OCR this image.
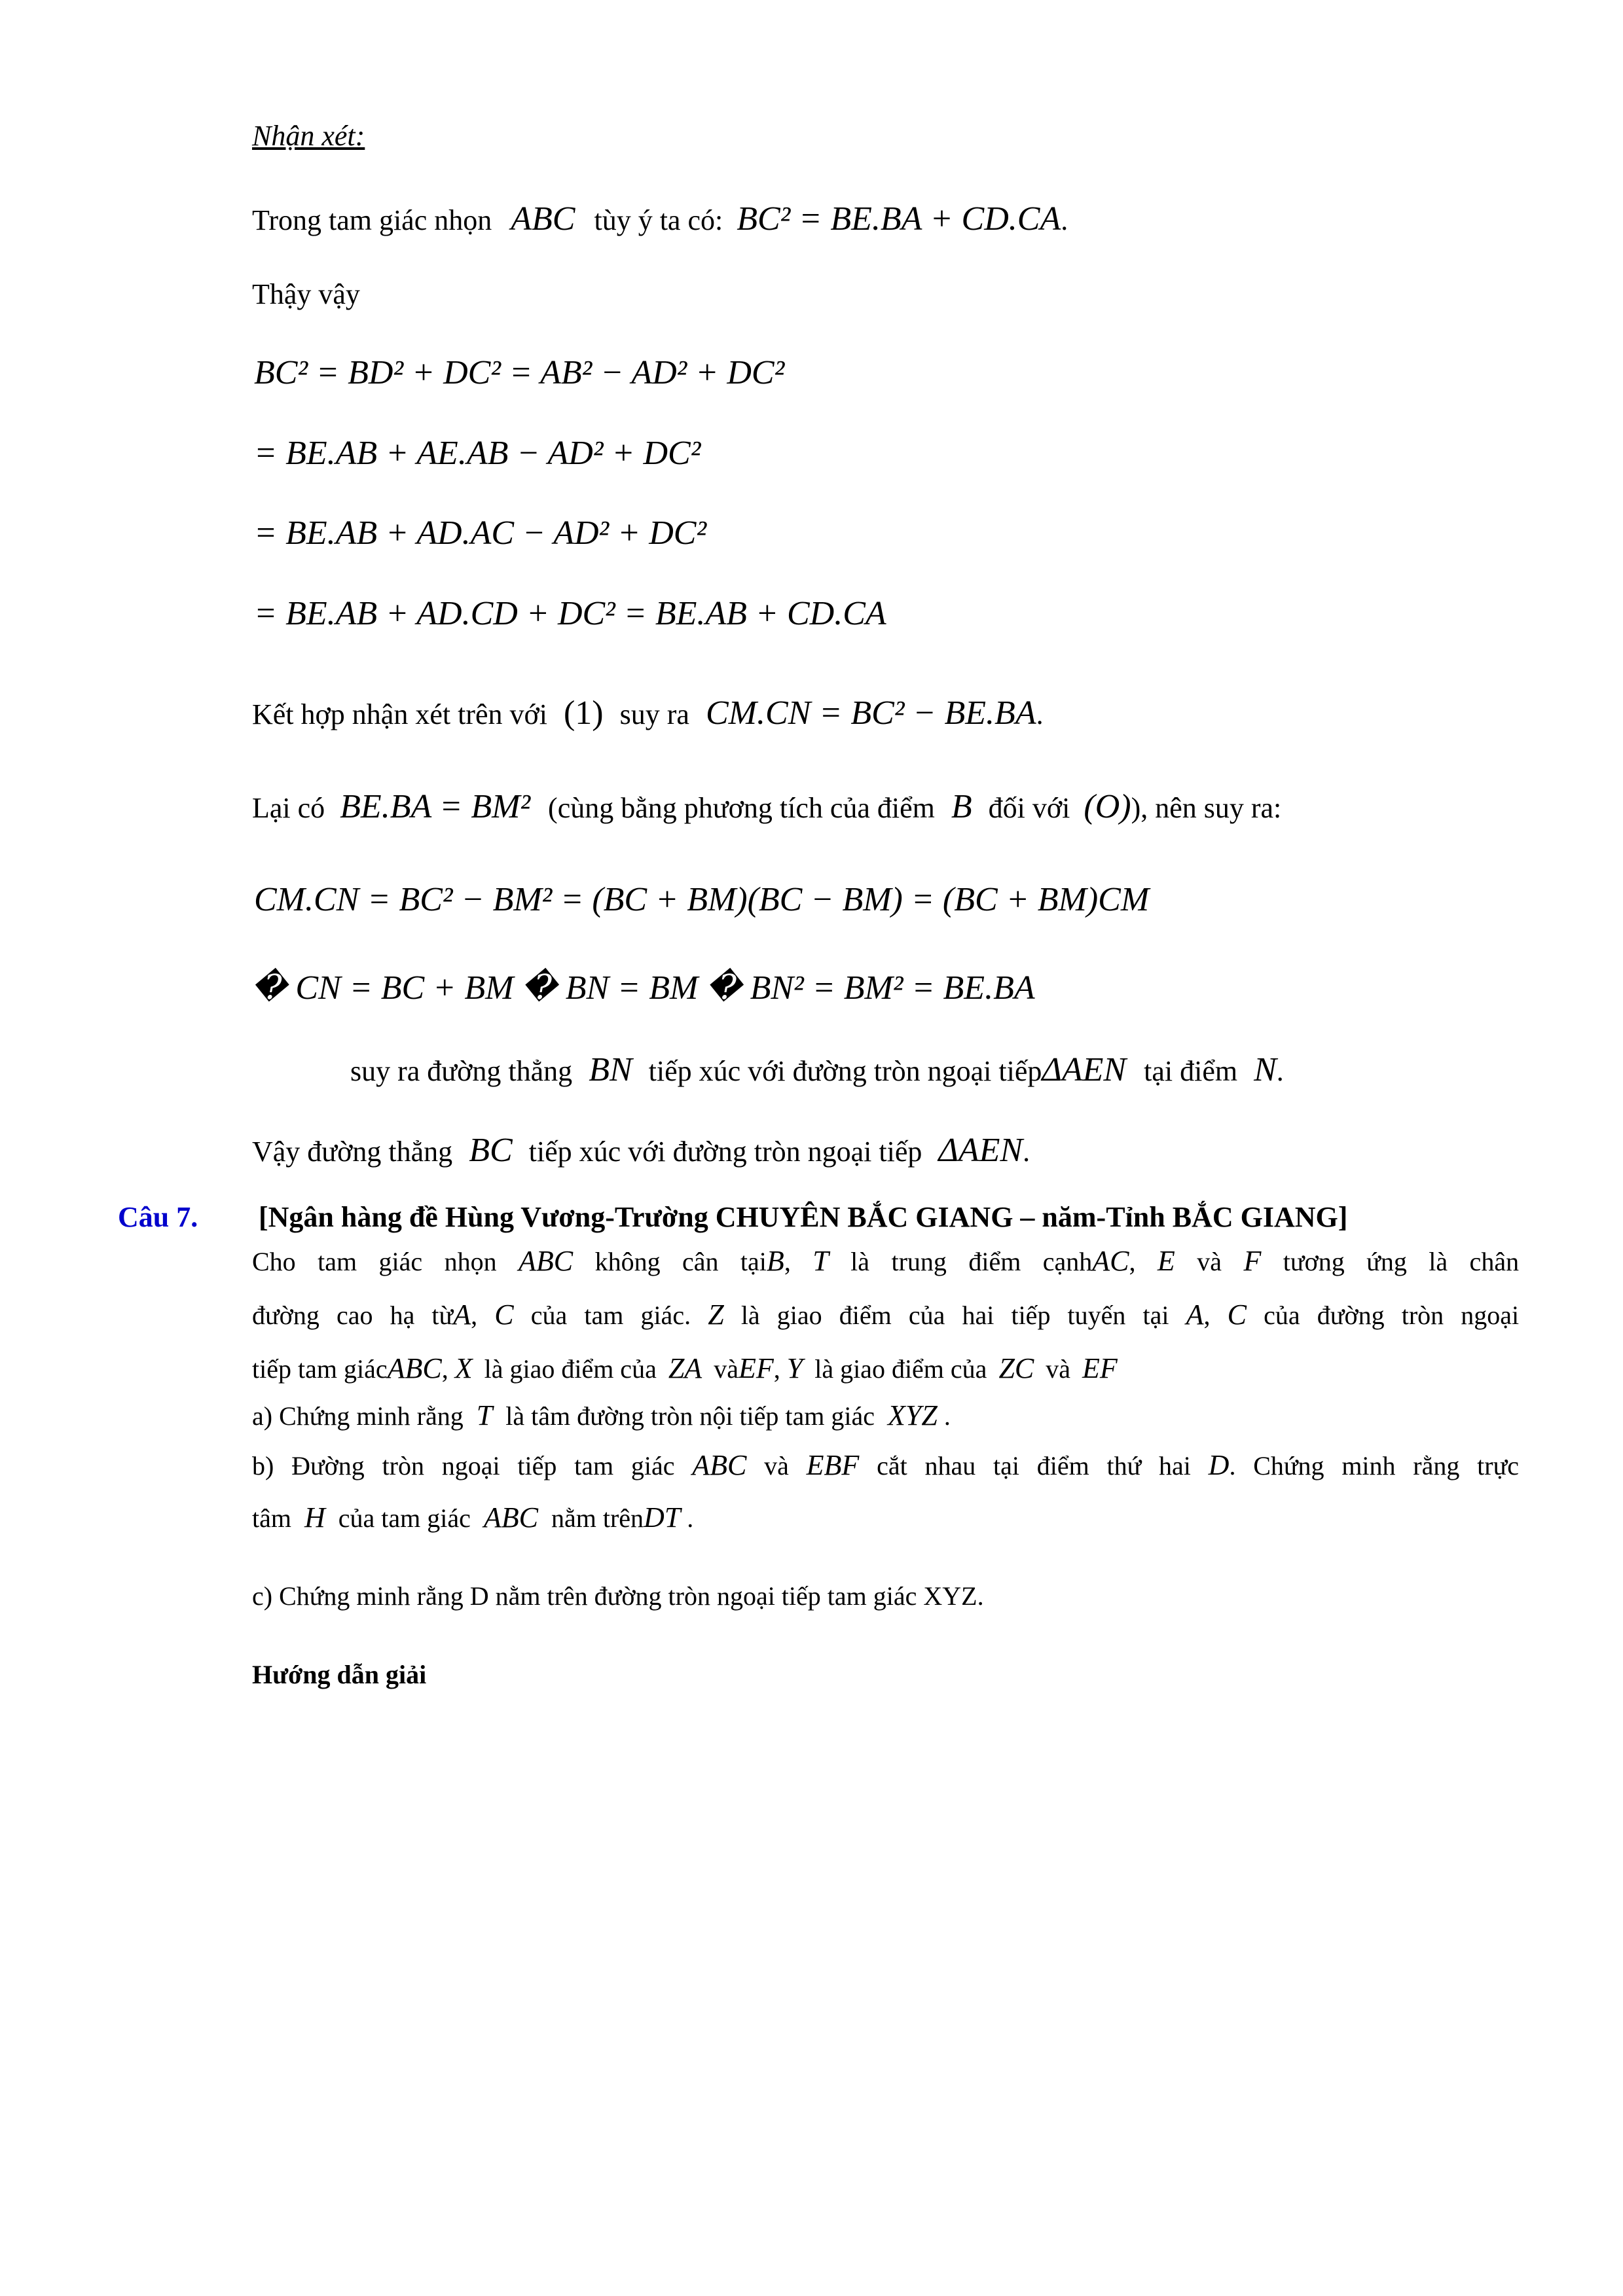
Nhận xét:
Trong tam giác nhọn ABC tùy ý ta có: BC² = BE.BA + CD.CA.
Thậy vậy
BC² = BD² + DC² = AB² − AD² + DC²
= BE.AB + AE.AB − AD² + DC²
= BE.AB + AD.AC − AD² + DC²
= BE.AB + AD.CD + DC² = BE.AB + CD.CA
Kết hợp nhận xét trên với (1) suy ra CM.CN = BC² − BE.BA.
Lại có BE.BA = BM² (cùng bằng phương tích của điểm B đối với (O)), nên suy ra:
CM.CN = BC² − BM² = (BC + BM)(BC − BM) = (BC + BM)CM
� CN = BC + BM � BN = BM � BN² = BM² = BE.BA
suy ra đường thẳng BN tiếp xúc với đường tròn ngoại tiếpΔAEN tại điểm N.
Vậy đường thẳng BC tiếp xúc với đường tròn ngoại tiếp ΔAEN.
Câu 7. [Ngân hàng đề Hùng Vương-Trường CHUYÊN BẮC GIANG – năm-Tỉnh BẮC GIANG]
Cho tam giác nhọn ABC không cân tạiB, T là trung điểm cạnhAC, E và F tương ứng là chân
đường cao hạ từA, C của tam giác. Z là giao điểm của hai tiếp tuyến tại A, C của đường tròn ngoại
tiếp tam giácABC, X là giao điểm của ZA vàEF, Y là giao điểm của ZC và EF
a) Chứng minh rằng T là tâm đường tròn nội tiếp tam giác XYZ .
b) Đường tròn ngoại tiếp tam giác ABC và EBF cắt nhau tại điểm thứ hai D. Chứng minh rằng trực
tâm H của tam giác ABC nằm trênDT .
c) Chứng minh rằng D nằm trên đường tròn ngoại tiếp tam giác XYZ.
Hướng dẫn giải
